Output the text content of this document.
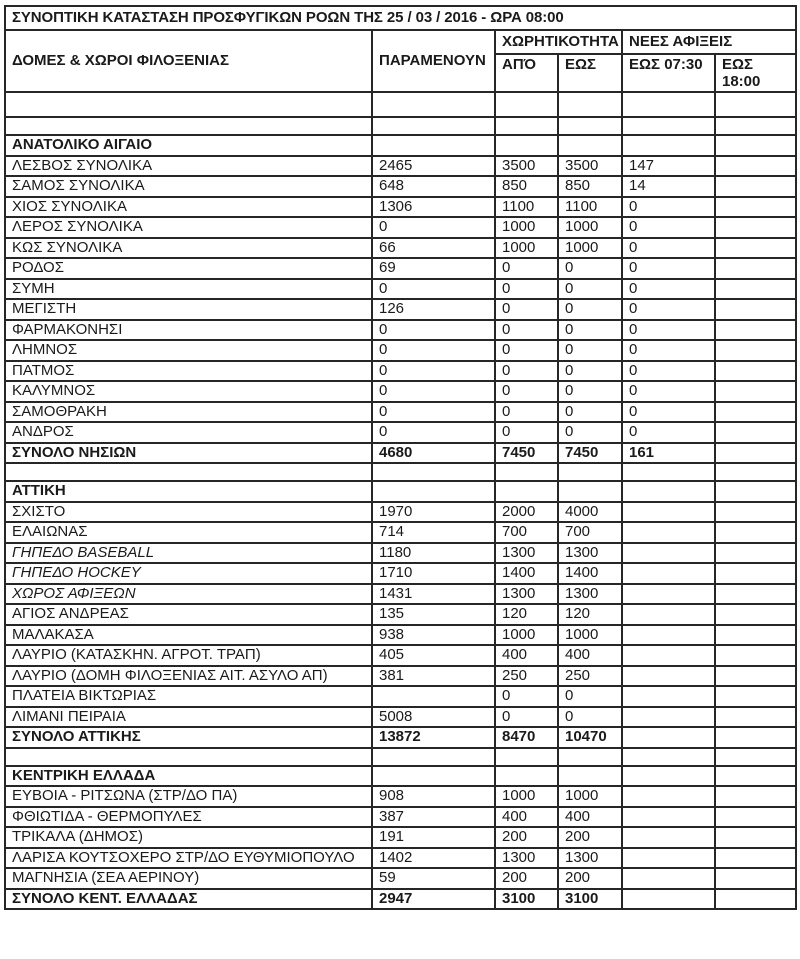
ΣΥΝΟΠΤΙΚΗ ΚΑΤΑΣΤΑΣΗ ΠΡΟΣΦΥΓΙΚΩΝ ΡΟΩΝ ΤΗΣ 25 / 03 / 2016 - ΩΡΑ 08:00					
ΔΟΜΕΣ & ΧΩΡΟΙ ΦΙΛΟΞΕΝΙΑΣ	ΠΑΡΑΜΕΝΟΥΝ	ΧΩΡΗΤΙΚΟΤΗΤΑ		ΝΕΕΣ ΑΦΙΞΕΙΣ	
		ΑΠΌ	ΕΩΣ	ΕΩΣ 07:30	ΕΩΣ 18:00

ΑΝΑΤΟΛΙΚΟ ΑΙΓΑΙΟ					
ΛΕΣΒΟΣ ΣΥΝΟΛΙΚΑ	2465	3500	3500	147	
ΣΑΜΟΣ ΣΥΝΟΛΙΚΑ	648	850	850	14	
ΧΙΟΣ ΣΥΝΟΛΙΚΑ	1306	1100	1100	0	
ΛΕΡΟΣ ΣΥΝΟΛΙΚΑ	0	1000	1000	0	
ΚΩΣ ΣΥΝΟΛΙΚΑ	66	1000	1000	0	
ΡΟΔΟΣ	69	0	0	0	
ΣΥΜΗ	0	0	0	0	
ΜΕΓΙΣΤΗ	126	0	0	0	
ΦΑΡΜΑΚΟΝΗΣΙ	0	0	0	0	
ΛΗΜΝΟΣ	0	0	0	0	
ΠΑΤΜΟΣ	0	0	0	0	
ΚΑΛΥΜΝΟΣ	0	0	0	0	
ΣΑΜΟΘΡΑΚΗ	0	0	0	0	
ΑΝΔΡΟΣ	0	0	0	0	
ΣΥΝΟΛΟ ΝΗΣΙΩΝ	4680	7450	7450	161	

ΑΤΤΙΚΗ					
ΣΧΙΣΤΟ	1970	2000	4000		
ΕΛΑΙΩΝΑΣ	714	700	700		
ΓΗΠΕΔΟ BASEBALL	1180	1300	1300		
ΓΗΠΕΔΟ HOCKEY	1710	1400	1400		
ΧΩΡΟΣ ΑΦΙΞΕΩΝ	1431	1300	1300		
ΑΓΙΟΣ ΑΝΔΡΕΑΣ	135	120	120		
ΜΑΛΑΚΑΣΑ	938	1000	1000		
ΛΑΥΡΙΟ (ΚΑΤΑΣΚΗΝ. ΑΓΡΟΤ. ΤΡΑΠ)	405	400	400		
ΛΑΥΡΙΟ (ΔΟΜΗ ΦΙΛΟΞΕΝΙΑΣ ΑΙΤ. ΑΣΥΛΟ ΑΠ)	381	250	250		
ΠΛΑΤΕΙΑ ΒΙΚΤΩΡΙΑΣ		0	0		
ΛΙΜΑΝΙ ΠΕΙΡΑΙΑ	5008	0	0		
ΣΥΝΟΛΟ ΑΤΤΙΚΗΣ	13872	8470	10470		

ΚΕΝΤΡΙΚΗ ΕΛΛΑΔΑ					
ΕΥΒΟΙΑ - ΡΙΤΣΩΝΑ (ΣΤΡ/ΔΟ ΠΑ)	908	1000	1000		
ΦΘΙΩΤΙΔΑ - ΘΕΡΜΟΠΥΛΕΣ	387	400	400		
ΤΡΙΚΑΛΑ (ΔΗΜΟΣ)	191	200	200		
ΛΑΡΙΣΑ ΚΟΥΤΣΟΧΕΡΟ ΣΤΡ/ΔΟ ΕΥΘΥΜΙΟΠΟΥΛΟ	1402	1300	1300		
ΜΑΓΝΗΣΙΑ (ΣΕΑ ΑΕΡΙΝΟΥ)	59	200	200		
ΣΥΝΟΛΟ ΚΕΝΤ. ΕΛΛΑΔΑΣ	2947	3100	3100		
